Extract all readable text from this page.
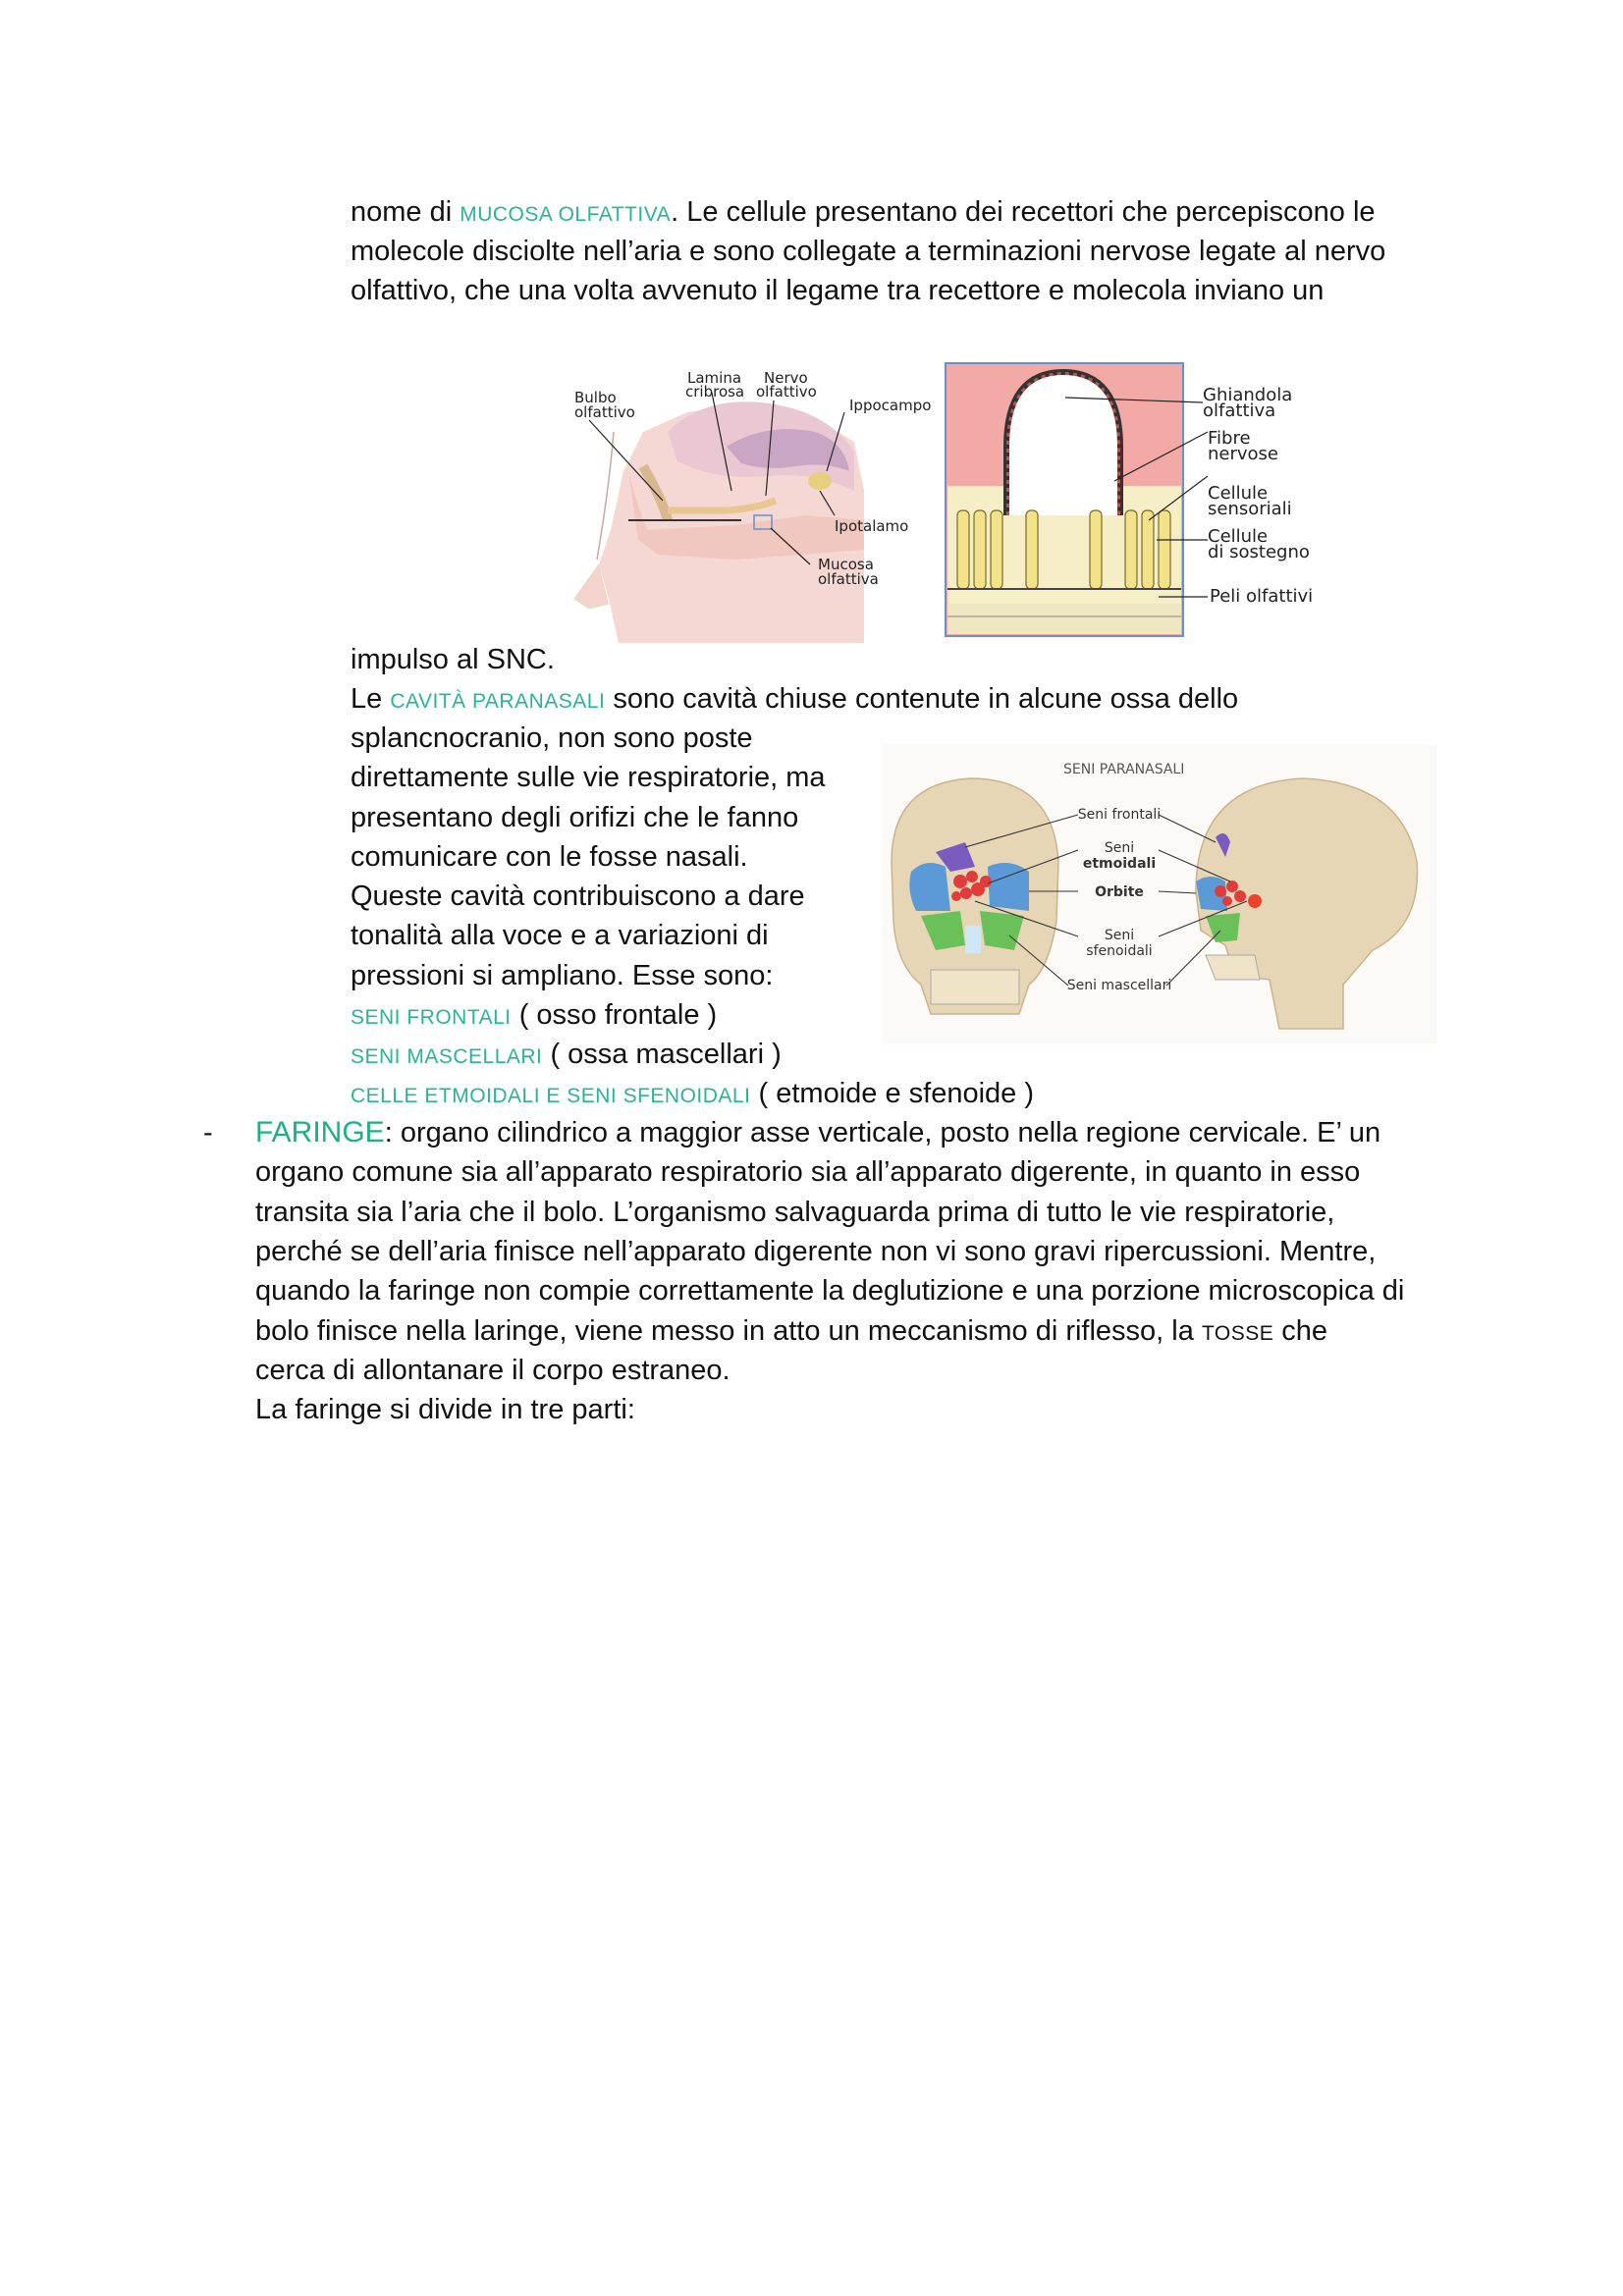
nome di MUCOSA OLFATTIVA. Le cellule presentano dei recettori che percepiscono le
molecole disciolte nell’aria e sono collegate a terminazioni nervose legate al nervo
olfattivo, che una volta avvenuto il legame tra recettore e molecola inviano un
Bulbo olfattivo
Lamina cribrosa
Nervo olfattivo
Ippocampo
Ipotalamo
Mucosa olfattiva
Ghiandola olfattiva
Fibre nervose
Cellule sensoriali
Cellule di sostegno
Peli olfattivi
impulso al SNC.
Le CAVITÀ PARANASALI sono cavità chiuse contenute in alcune ossa dello
splancnocranio, non sono poste
direttamente sulle vie respiratorie, ma
presentano degli orifizi che le fanno
comunicare con le fosse nasali.
Queste cavità contribuiscono a dare
tonalità alla voce e a variazioni di
pressioni si ampliano. Esse sono:
SENI FRONTALI ( osso frontale )
SENI MASCELLARI ( ossa mascellari )
CELLE ETMOIDALI E SENI SFENOIDALI ( etmoide e sfenoide )
SENI PARANASALI
Seni frontali
Seni etmoidali
Orbite
Seni sfenoidali
Seni mascellari
- FARINGE: organo cilindrico a maggior asse verticale, posto nella regione cervicale. E’ un
organo comune sia all’apparato respiratorio sia all’apparato digerente, in quanto in esso
transita sia l’aria che il bolo. L’organismo salvaguarda prima di tutto le vie respiratorie,
perché se dell’aria finisce nell’apparato digerente non vi sono gravi ripercussioni. Mentre,
quando la faringe non compie correttamente la deglutizione e una porzione microscopica di
bolo finisce nella laringe, viene messo in atto un meccanismo di riflesso, la TOSSE che
cerca di allontanare il corpo estraneo.
La faringe si divide in tre parti:
